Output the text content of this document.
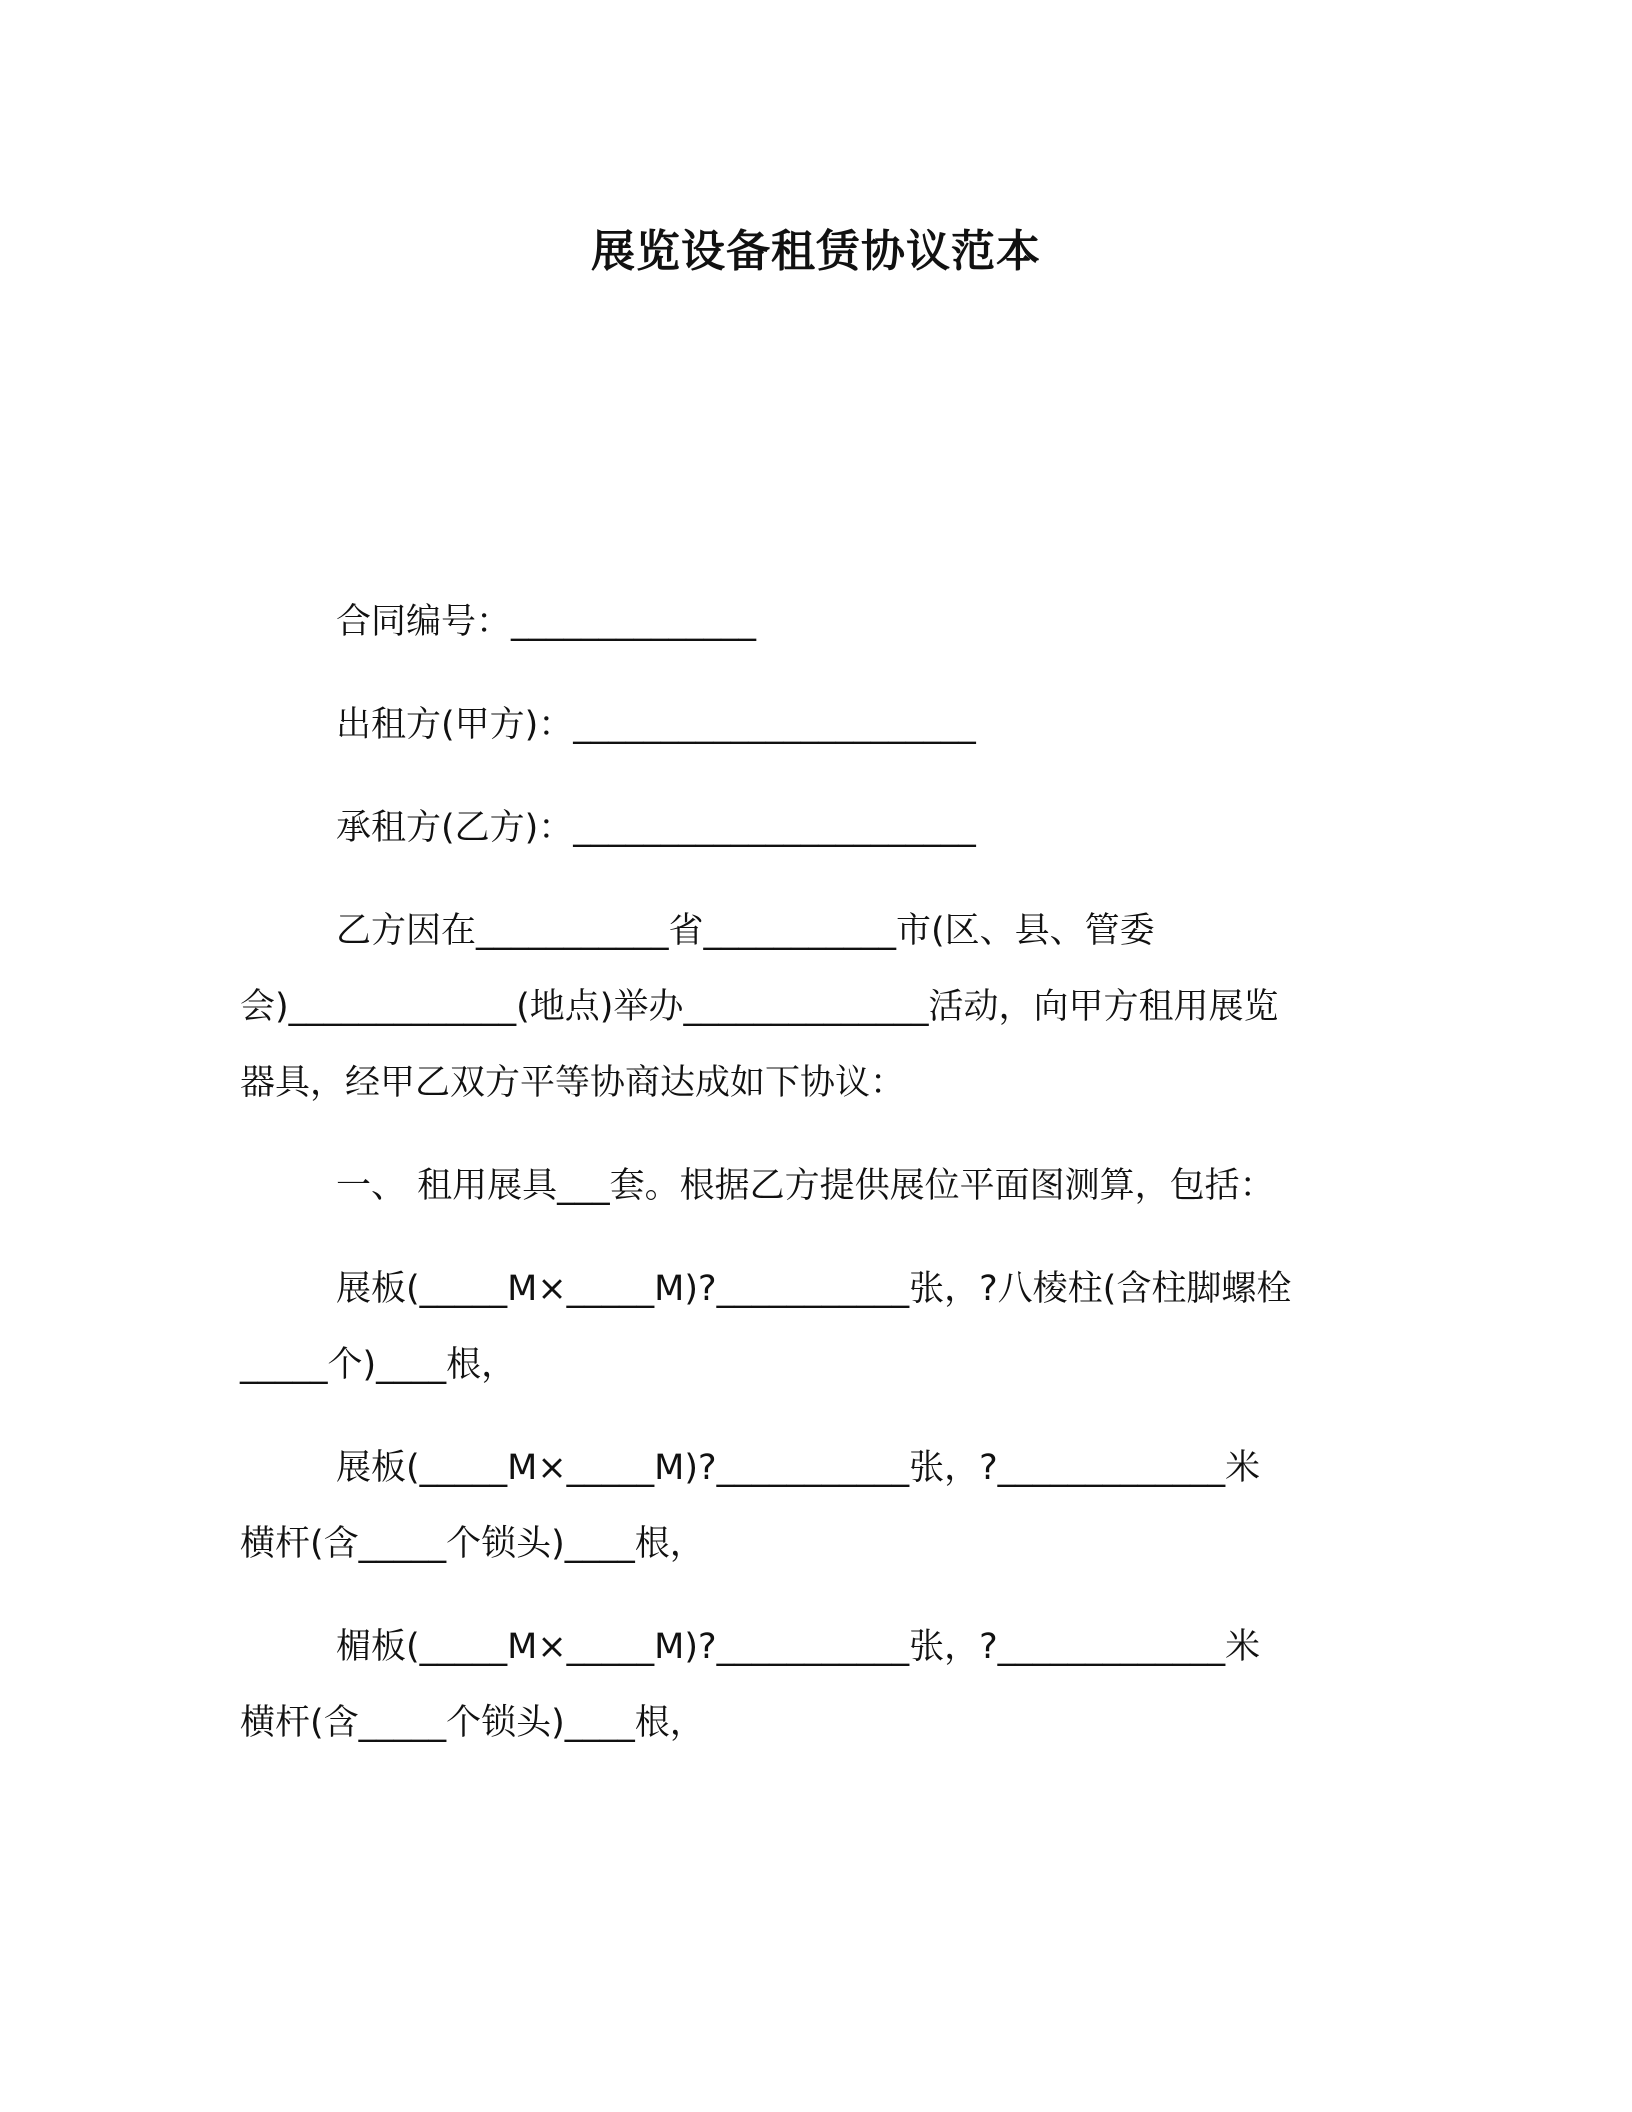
展览设备租赁协议范本
合同编号：______________
出租方(甲方)：_______________________
承租方(乙方)：_______________________
乙方因在___________省___________市(区、县、管委
会)_____________(地点)举办______________活动，向甲方租用展览
器具，经甲乙双方平等协商达成如下协议：
一、 租用展具___套。根据乙方提供展位平面图测算，包括：
展板(_____M×_____M)?___________张，?八棱柱(含柱脚螺栓
_____个)____根，
展板(_____M×_____M)?___________张，?_____________米
横杆(含_____个锁头)____根，
楣板(_____M×_____M)?___________张，?_____________米
横杆(含_____个锁头)____根，
